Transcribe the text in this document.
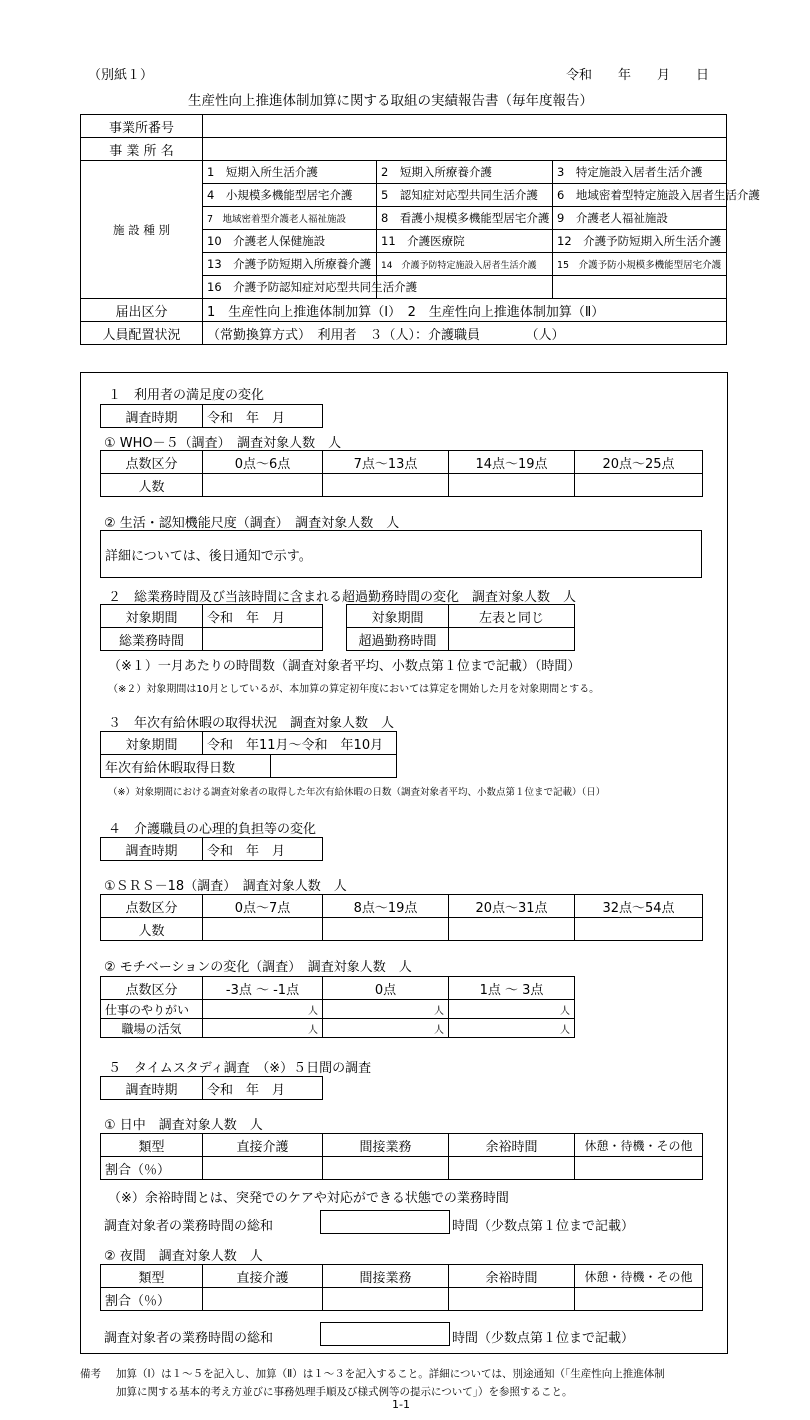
（別紙１）	令和　　年　　月　　日
生産性向上推進体制加算に関する取組の実績報告書（毎年度報告）
事業所番号			
事 業 所 名			
施 設 種 別	1　短期入所生活介護	2　短期入所療養介護	3　特定施設入居者生活介護
	4　小規模多機能型居宅介護	5　認知症対応型共同生活介護	6　地域密着型特定施設入居者生活介護
	7　地域密着型介護老人福祉施設	8　看護小規模多機能型居宅介護	9　介護老人福祉施設
	10　介護老人保健施設	11　介護医療院	12　介護予防短期入所生活介護
	13　介護予防短期入所療養介護	14　介護予防特定施設入居者生活介護	15　介護予防小規模多機能型居宅介護
	16　介護予防認知症対応型共同生活介護		
届出区分	1　生産性向上推進体制加算（Ⅰ）　2　生産性向上推進体制加算（Ⅱ）		
人員配置状況	（常勤換算方式）　利用者　３（人）：介護職員　　　　（人）		
１　利用者の満足度の変化
調査時期	令和　年　月
① WHO－５（調査）　調査対象人数　人
点数区分	0点～6点	7点～13点	14点～19点	20点～25点
人数				
② 生活・認知機能尺度（調査）　調査対象人数　人
詳細については、後日通知で示す。
２　総業務時間及び当該時間に含まれる超過勤務時間の変化　調査対象人数　人
対象期間	令和　年　月
総業務時間	
対象期間	左表と同じ
超過勤務時間	
（※１）一月あたりの時間数（調査対象者平均、小数点第１位まで記載）（時間）
（※２）対象期間は10月としているが、本加算の算定初年度においては算定を開始した月を対象期間とする。
３　年次有給休暇の取得状況　調査対象人数　人
対象期間	令和　年11月～令和　年10月	
年次有給休暇取得日数		
（※）対象期間における調査対象者の取得した年次有給休暇の日数（調査対象者平均、小数点第１位まで記載）（日）
４　介護職員の心理的負担等の変化
調査時期	令和　年　月
①ＳＲＳ－18（調査）　調査対象人数　人
点数区分	0点～7点	8点～19点	20点～31点	32点～54点
人数				
② モチベーションの変化（調査）　調査対象人数　人
点数区分	-3点 ～ -1点	0点	1点 ～ 3点
仕事のやりがい	人	人	人
職場の活気	人	人	人
５　タイムスタディ調査　（※）５日間の調査
調査時期	令和　年　月
① 日中　調査対象人数　人
類型	直接介護	間接業務	余裕時間	休憩・待機・その他
割合（％）				
（※）余裕時間とは、突発でのケアや対応ができる状態での業務時間
調査対象者の業務時間の総和	時間（少数点第１位まで記載）
② 夜間　調査対象人数　人
類型	直接介護	間接業務	余裕時間	休憩・待機・その他
割合（％）				
調査対象者の業務時間の総和	時間（少数点第１位まで記載）
備考 加算（Ⅰ）は１～５を記入し、加算（Ⅱ）は１～３を記入すること。詳細については、別途通知（「生産性向上推進体制
加算に関する基本的考え方並びに事務処理手順及び様式例等の提示について」）を参照すること。
1-1
